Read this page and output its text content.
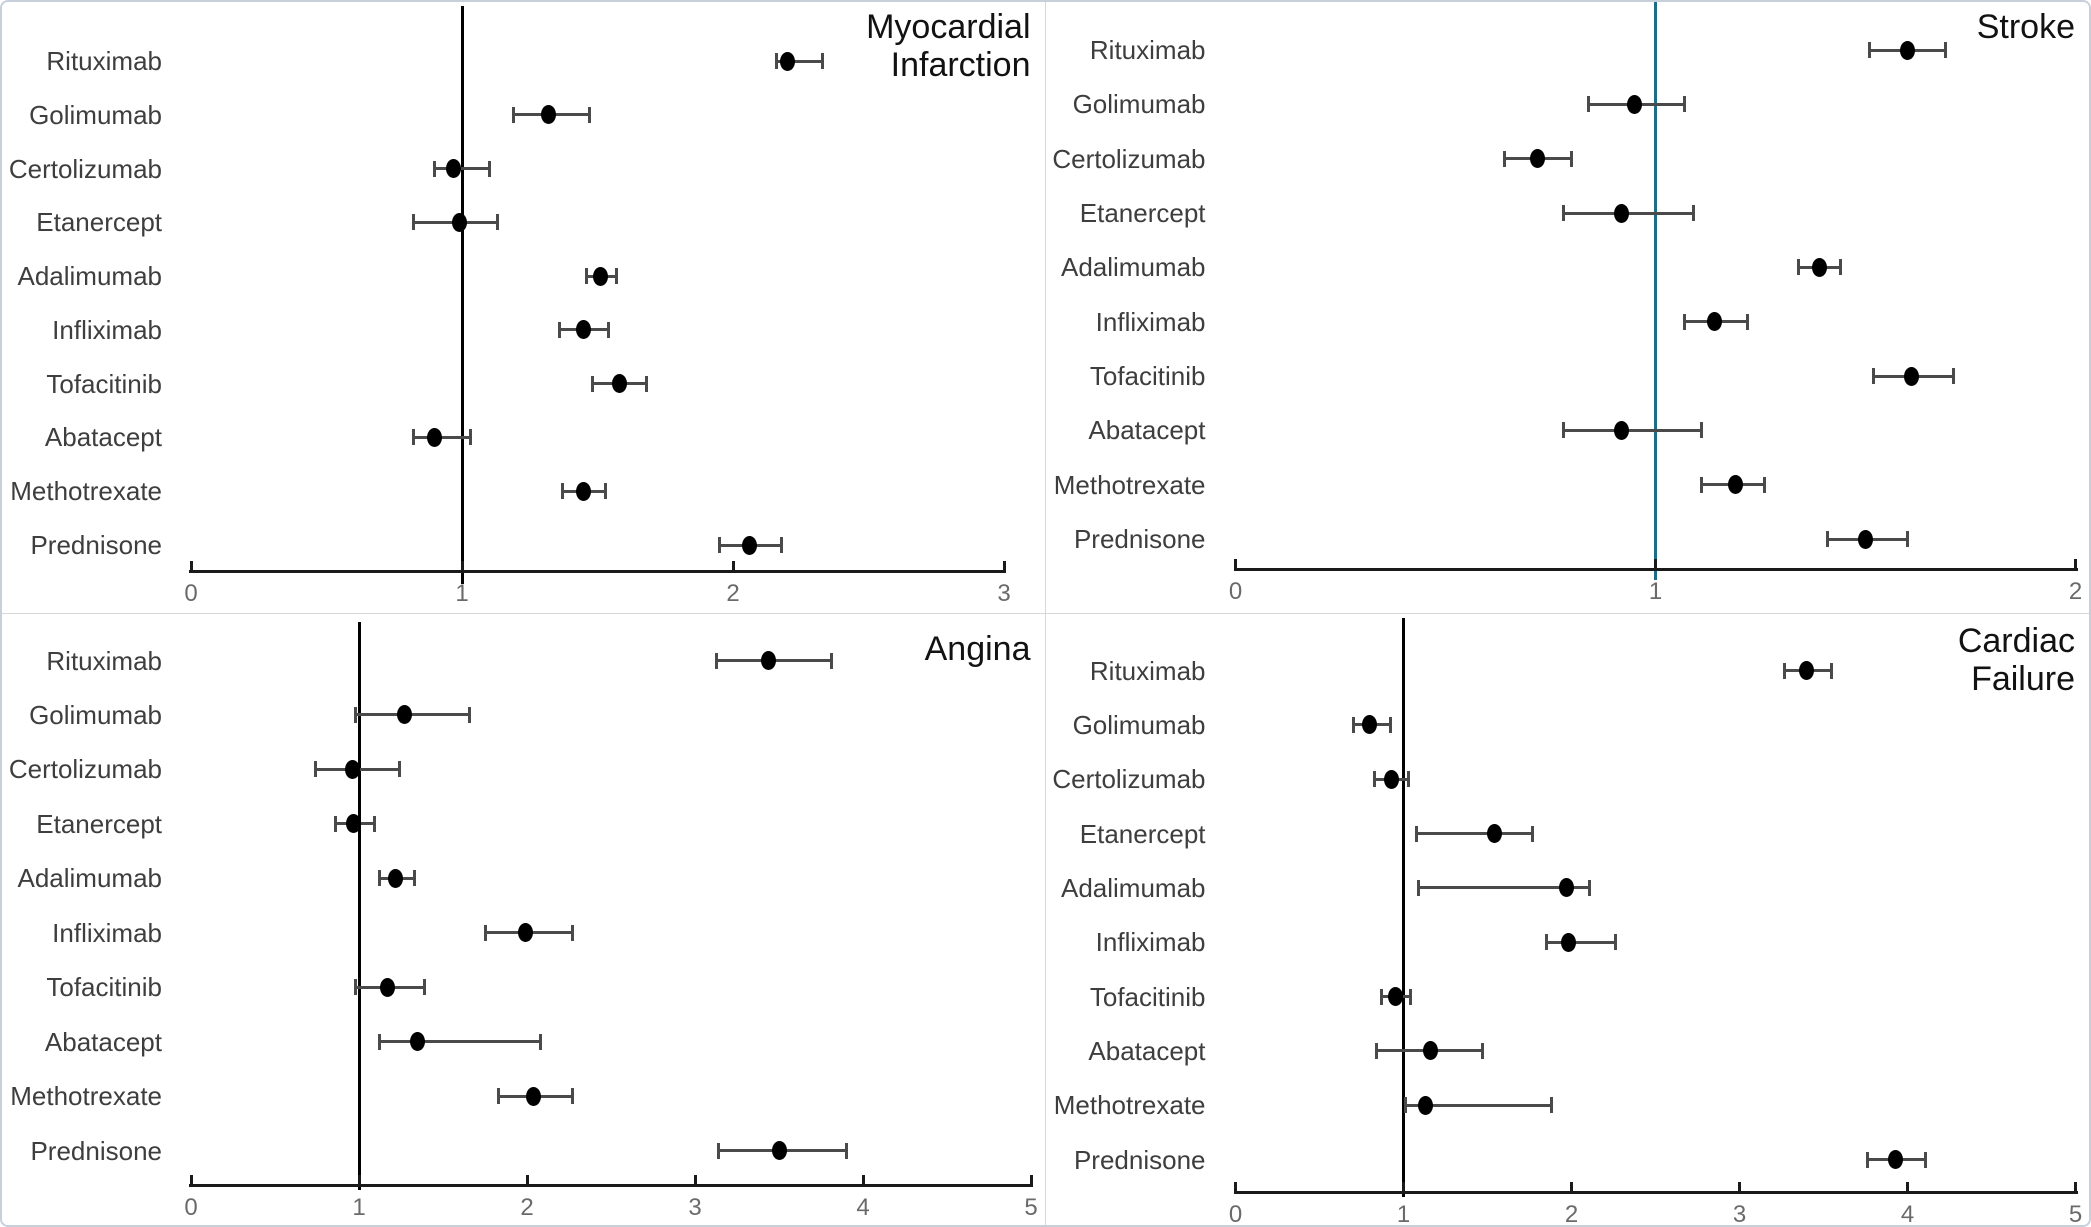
Myocardial
Infarction
0	1	2	3
Rituximab
Golimumab
Certolizumab
Etanercept
Adalimumab
Infliximab
Tofacitinib
Abatacept
Methotrexate
Prednisone
Stroke
0	1	2
Rituximab
Golimumab
Certolizumab
Etanercept
Adalimumab
Infliximab
Tofacitinib
Abatacept
Methotrexate
Prednisone
Angina
0	1	2	3	4	5
Rituximab
Golimumab
Certolizumab
Etanercept
Adalimumab
Infliximab
Tofacitinib
Abatacept
Methotrexate
Prednisone
Cardiac
Failure
0	1	2	3	4	5
Rituximab
Golimumab
Certolizumab
Etanercept
Adalimumab
Infliximab
Tofacitinib
Abatacept
Methotrexate
Prednisone
